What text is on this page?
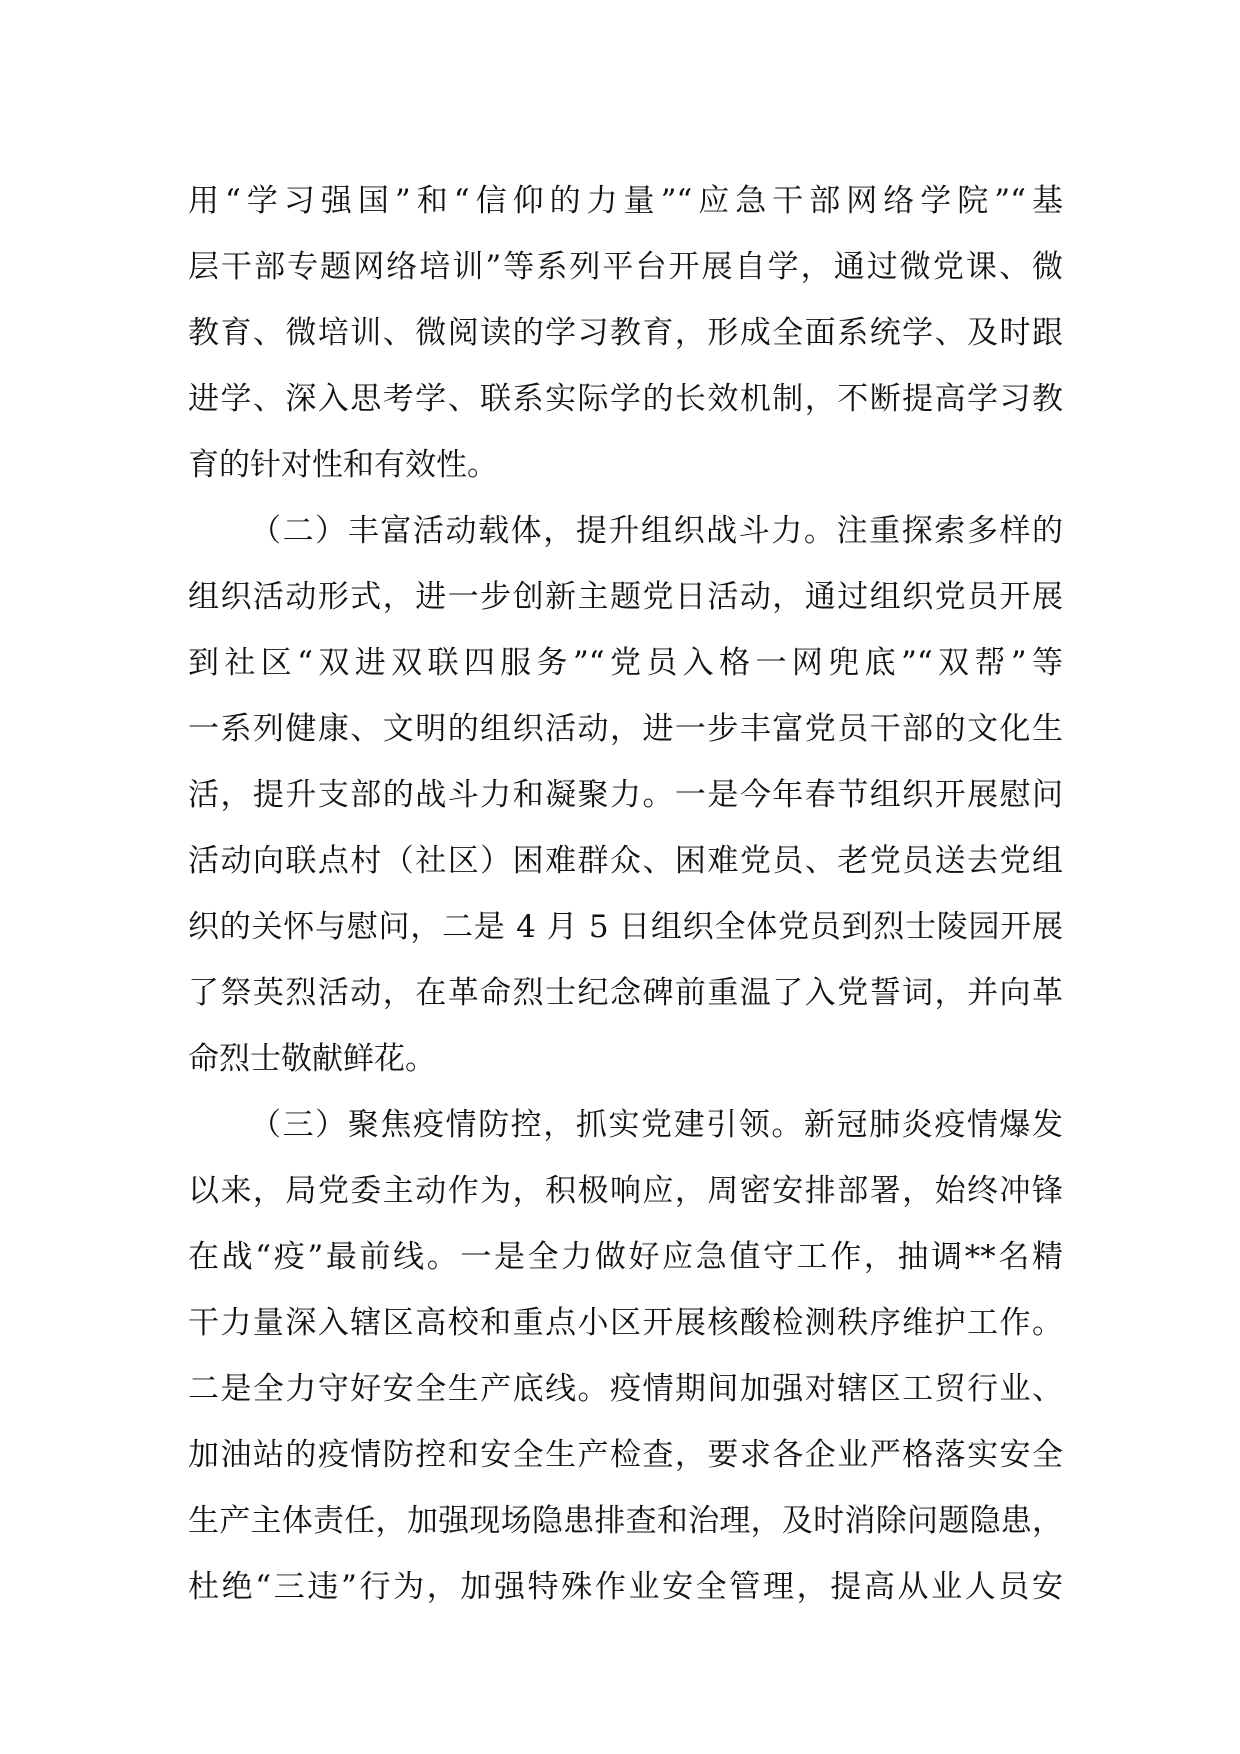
用“学习强国”和“信仰的力量”“应急干部网络学院”“基
层干部专题网络培训”等系列平台开展自学，通过微党课、微
教育、微培训、微阅读的学习教育，形成全面系统学、及时跟
进学、深入思考学、联系实际学的长效机制，不断提高学习教
育的针对性和有效性。
（二）丰富活动载体，提升组织战斗力。注重探索多样的
组织活动形式，进一步创新主题党日活动，通过组织党员开展
到社区“双进双联四服务”“党员入格一网兜底”“双帮”等
一系列健康、文明的组织活动，进一步丰富党员干部的文化生
活，提升支部的战斗力和凝聚力。一是今年春节组织开展慰问
活动向联点村（社区）困难群众、困难党员、老党员送去党组
织的关怀与慰问，二是 4 月 5 日组织全体党员到烈士陵园开展
了祭英烈活动，在革命烈士纪念碑前重温了入党誓词，并向革
命烈士敬献鲜花。
（三）聚焦疫情防控，抓实党建引领。新冠肺炎疫情爆发
以来，局党委主动作为，积极响应，周密安排部署，始终冲锋
在战“疫”最前线。一是全力做好应急值守工作，抽调**名精
干力量深入辖区高校和重点小区开展核酸检测秩序维护工作。
二是全力守好安全生产底线。疫情期间加强对辖区工贸行业、
加油站的疫情防控和安全生产检查，要求各企业严格落实安全
生产主体责任，加强现场隐患排查和治理，及时消除问题隐患，
杜绝“三违”行为，加强特殊作业安全管理，提高从业人员安
